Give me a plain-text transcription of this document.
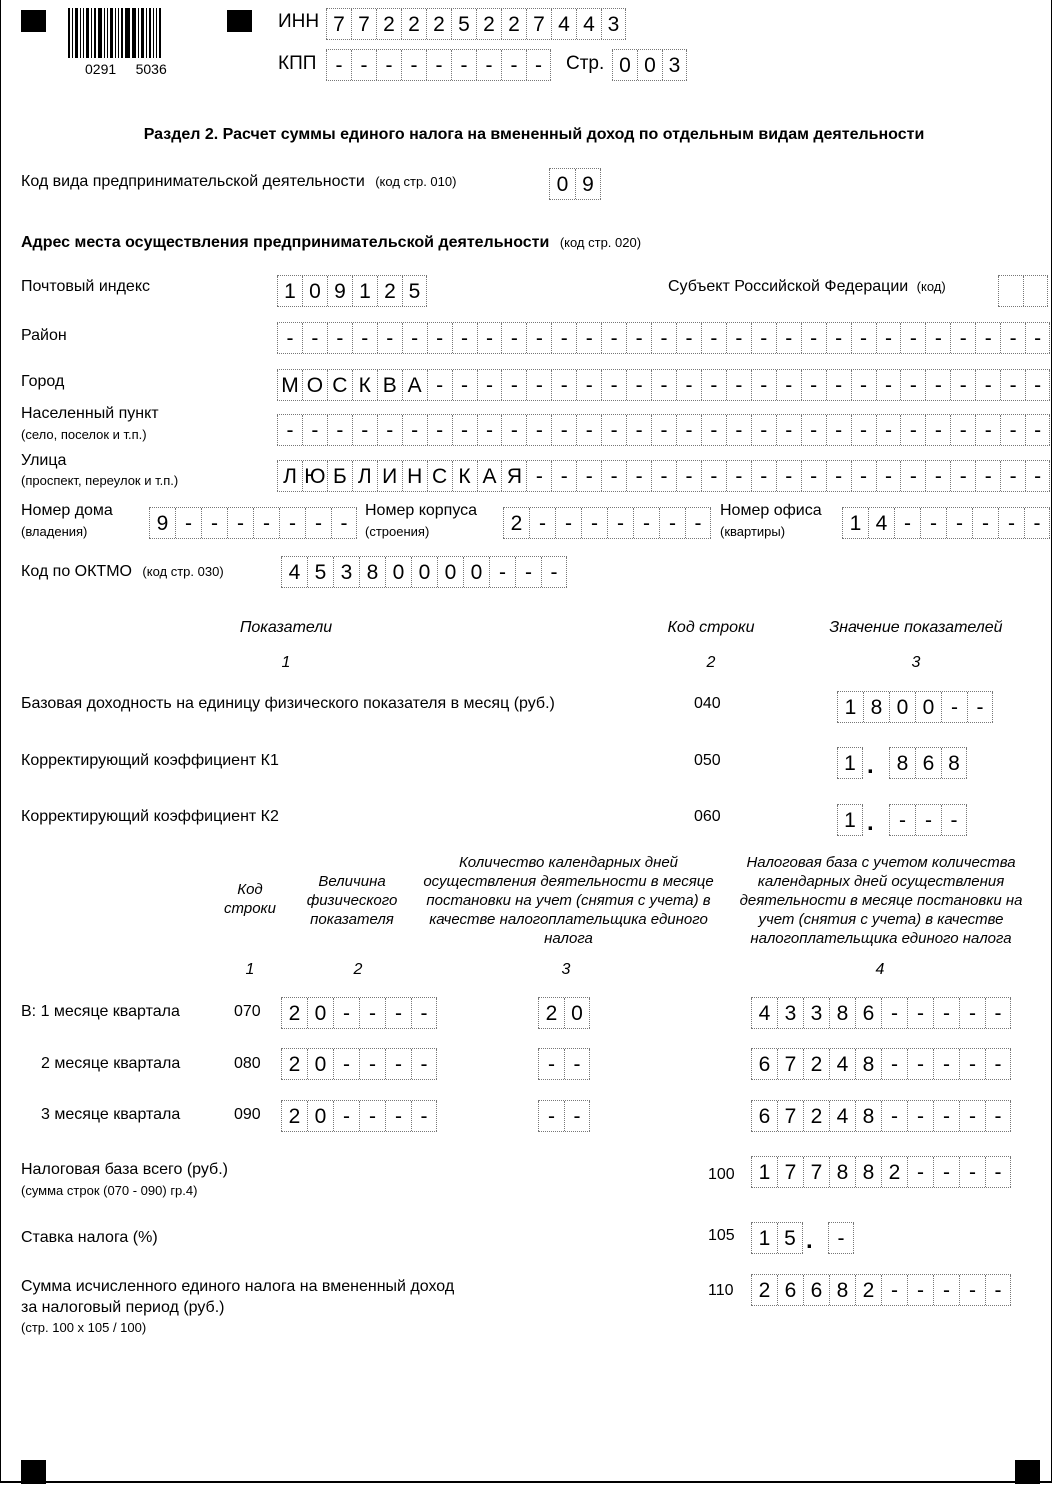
0291     5036
ИНН 7 7 2 2 2 5 2 2 7 4 4 3
КПП - - - - - - - - -	Стр. 0 0 3
Раздел 2. Расчет суммы единого налога на вмененный доход по отдельным видам деятельности
Код вида предпринимательской деятельности (код стр. 010)	0 9
Адрес места осуществления предпринимательской деятельности (код стр. 020)
Почтовый индекс	1 0 9 1 2 5	Субъект Российской Федерации (код)
Район	- - - - - - - - - - - - - - - - - - - - - - - - - - - - - - -
Город	М О С К В А - - - - - - - - - - - - - - - - - - - - - - - - -
Населенный пункт
(село, поселок и т.п.)	- - - - - - - - - - - - - - - - - - - - - - - - - - - - - - -
Улица
(проспект, переулок и т.п.)	Л Ю Б Л И Н С К А Я - - - - - - - - - - - - - - - - - - - - -
Номер дома
(владения)	9 - - - - - - -
Номер корпуса
(строения)	2 - - - - - - -
Номер офиса
(квартиры)	1 4 - - - - - -
Код по ОКТМО (код стр. 030)	4 5 3 8 0 0 0 0 - - -
Показатели	Код строки	Значение показателей
1	2	3
Базовая доходность на единицу физического показателя в месяц (руб.)	040	1 8 0 0 - -
Корректирующий коэффициент К1	050	1 .	8 6 8
Корректирующий коэффициент К2	060	1 .	- - -
Код строки
Величина физического показателя
Количество календарных дней осуществления деятельности в месяце постановки на учет (снятия с учета) в качестве налогоплательщика единого налога
Налоговая база с учетом количества календарных дней осуществления деятельности в месяце постановки на учет (снятия с учета) в качестве налогоплательщика единого налога
1	2	3	4
В: 1 месяце квартала	070	2 0 - - - -	2 0	4 3 3 8 6 - - - - -
2 месяце квартала	080	2 0 - - - -	- -	6 7 2 4 8 - - - - -
3 месяце квартала	090	2 0 - - - -	- -	6 7 2 4 8 - - - - -
Налоговая база всего (руб.)
(сумма строк (070 - 090) гр.4)
100	1 7 7 8 8 2 - - - -
Ставка налога (%)	105	1 5 .	-
Сумма исчисленного единого налога на вмененный доход
за налоговый период (руб.)
(стр. 100 х 105 / 100)
110	2 6 6 8 2 - - - - -
